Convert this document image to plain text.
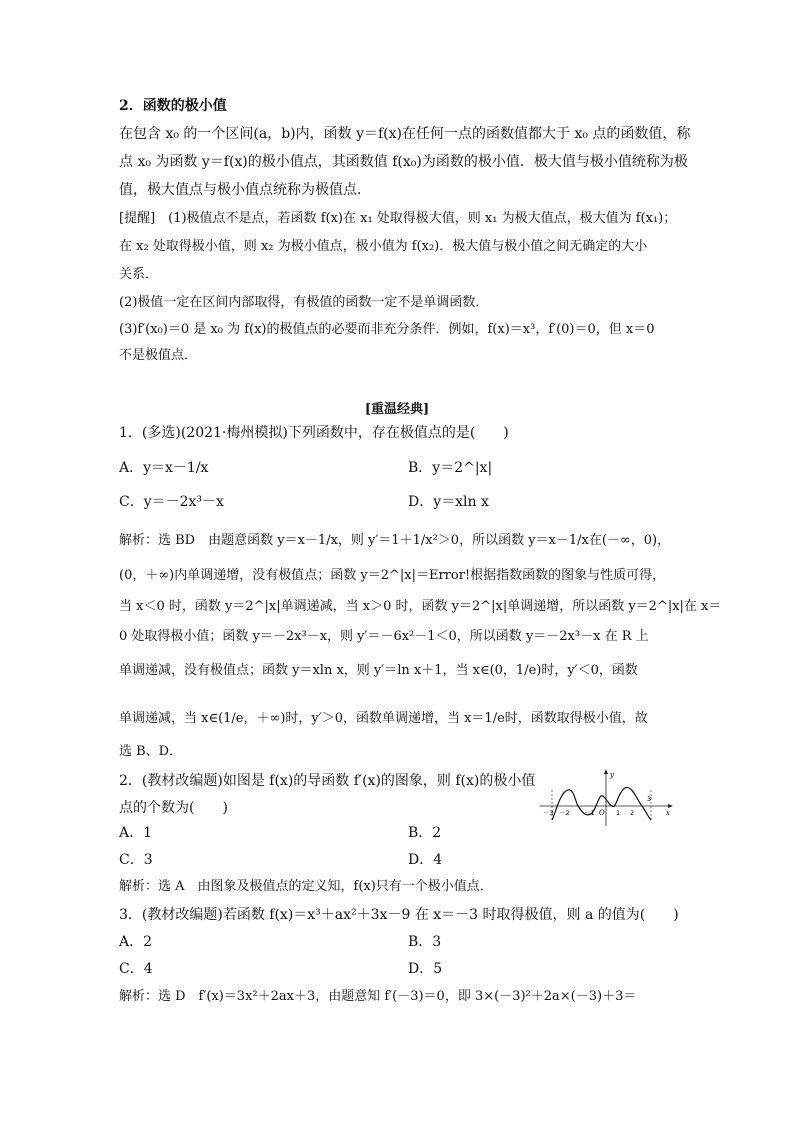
2．函数的极小值
在包含 x₀ 的一个区间(a，b)内，函数 y＝f(x)在任何一点的函数值都大于 x₀ 点的函数值，称
点 x₀ 为函数 y＝f(x)的极小值点，其函数值 f(x₀)为函数的极小值．极大值与极小值统称为极
值，极大值点与极小值点统称为极值点．
[提醒]　(1)极值点不是点，若函数 f(x)在 x₁ 处取得极大值，则 x₁ 为极大值点，极大值为 f(x₁)；
在 x₂ 处取得极小值，则 x₂ 为极小值点，极小值为 f(x₂)．极大值与极小值之间无确定的大小
关系．
(2)极值一定在区间内部取得，有极值的函数一定不是单调函数．
(3)f′(x₀)＝0 是 x₀ 为 f(x)的极值点的必要而非充分条件．例如，f(x)＝x³，f′(0)＝0，但 x＝0
不是极值点．
[重温经典]
1．(多选)(2021·梅州模拟)下列函数中，存在极值点的是(　　)
A．y＝x－1/x	B．y＝2^|x|
C．y＝－2x³－x	D．y＝xln x
解析：选 BD　由题意函数 y＝x－1/x，则 y′＝1＋1/x²＞0，所以函数 y＝x－1/x在(－∞，0)，
(0，＋∞)内单调递增，没有极值点；函数 y＝2^|x|＝Error!根据指数函数的图象与性质可得，
当 x＜0 时，函数 y＝2^|x|单调递减，当 x＞0 时，函数 y＝2^|x|单调递增，所以函数 y＝2^|x|在 x＝
0 处取得极小值；函数 y＝－2x³－x，则 y′＝－6x²－1＜0，所以函数 y＝－2x³－x 在 R 上
单调递减，没有极值点；函数 y＝xln x，则 y′＝ln x＋1，当 x∈(0，1/e)时，y′＜0，函数
单调递减，当 x∈(1/e，＋∞)时，y′＞0，函数单调递增，当 x＝1/e时，函数取得极小值，故
选 B、D．
2．(教材改编题)如图是 f(x)的导函数 f′(x)的图象，则 f(x)的极小值
点的个数为(　　)
A．1	B．2
C．3	D．4
解析：选 A　由图象及极值点的定义知，f(x)只有一个极小值点．
y
x
O
－3 －2 －1	1 2
3
3．(教材改编题)若函数 f(x)＝x³＋ax²＋3x－9 在 x＝－3 时取得极值，则 a 的值为(　　)
A．2	B．3
C．4	D．5
解析：选 D　f′(x)＝3x²＋2ax＋3，由题意知 f′(－3)＝0，即 3×(－3)²＋2a×(－3)＋3＝
